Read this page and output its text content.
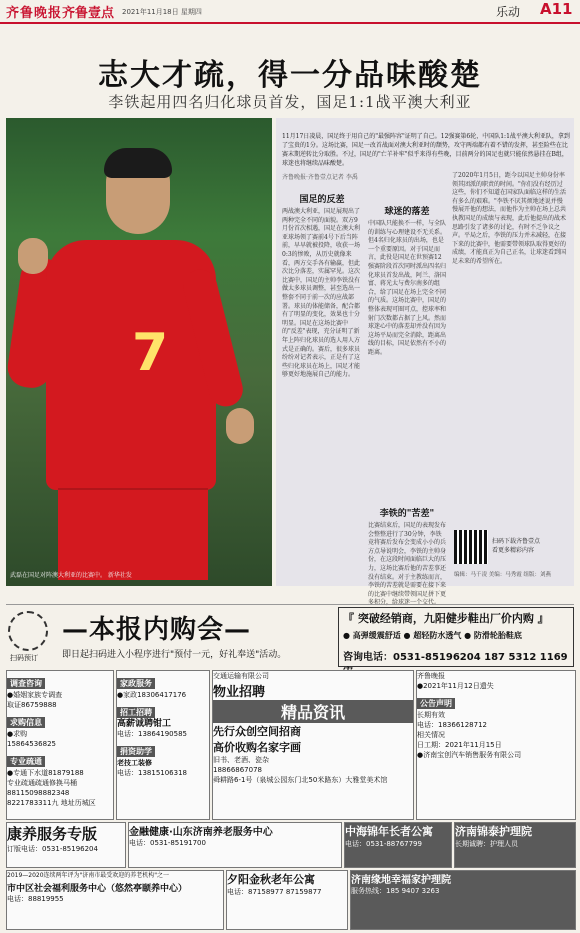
齐鲁晚报 齐鲁壹点 2021年11月18日 星期四	乐动 A11
志大才疏，得一分品味酸楚
李铁起用四名归化球员首发，国足1:1战平澳大利亚
7
武磊在国足对阵澳大利亚的比赛中。 新华社发
11月17日凌晨，国足终于用自己的"最强阵容"证明了自己。12强赛第6轮，中国队1:1战平澳大利亚队，拿到了宝贵的1分。这场比赛，国足一改首战面对澳大利亚时的颓势，攻守两端都有着不错的发挥，甚至险些在比赛末期逆转比分取胜。不过，国足的"亡羊补牢"似乎来得有些晚，目前两分的国足也就只能依然悬挂在B组，球迷也将继续品味酸楚。
齐鲁晚报·齐鲁壹点记者 李禹
国足的反差
两战澳大利亚，国足展现出了两种完全不同的面貌。双方9月份首次相遇，国足在澳大利亚球场领了赛前4号下后当阵前，早早就被投降，收获一场0:3的惨败，从历史就像来看，两方交手各有输赢，但此次比分落差，实属罕见。这次比赛中，国足的主帅李铁没有做太多球员调整，甚至选出一整套不同于前一次的应战部署。球员的体能储备，配合都有了明显的变化，效果也十分明显。国足在这场比赛中的"反差"表现，充分证明了新年上阵归化球员的选人用人方式是正确的。赛后，很多球员纷纷对记者表示，正是有了这些归化球员在场上，国足才能够更好地施展自己的能力。
球迷的落差
中国队只能换不一样，与全队的训练与心理建设不无关系。但4名归化球员的出场，也是一个重要原因。对于国足而言，此役是国足在世预赛12强赛阶段首次同时派出四名归化球员首发出战，阿兰、洛国富、蒋光太与费尔南多的组合，给了国足在场上完全不同的气质。这场比赛中，国足的整体表现可圈可点，控球率和射门次数都占据了上风。然而球迷心中的落差却并没有因为这场平局而完全消除，距离出线的目标，国足依然有不小的距离。
李铁的"苦差"
比赛结束后，国足的表现发布会整整进行了30分钟，李铁竟将赛后发布会变成小小的兵方点导说明会，李铁的主帅身份，在这段时间面临巨大的压力，这场比赛后他的苦差事还没有结束。对于主教练而言，李铁的苦差就是需要在接下来的比赛中继续带领国足拼下更多积分，给球迷一个交代。
了2020年1月5日，距今以国足主帅身份率领其团派的职责的时间。"你们没有经历过这些，你们不知道在国家队面临这样的生活有多么的艰难。"李铁不厌其烦地述说并慢慢展开他的想法，而他作为主帅在场上总共执教国足的成绩与表现，此后他提出的战术思路引发了诸多的讨论，有时不乏争议之声。平局之后，李铁的压力并未减轻，在接下来的比赛中，他需要带领球队取得更好的成绩，才能真正为自己正名，让球迷看到国足未来的希望所在。
扫码下载齐鲁壹点
看更多精彩内容
编辑：马千凌 美编：马秀霞 组版：刘燕
扫码预订
—本报内购会—
即日起扫码进入小程序进行"预付一元，好礼奉送"活动。
『 突破经销商，九阳健步鞋出厂价内购 』
● 高弹缓震舒适 ● 超轻防水透气 ● 防滑轮胎鞋底
咨询电话：0531-85196204 187 5312 1169
调查咨询
●婚姻家族专调查
取证86759888
求购信息
●求购
15864536825
专业疏通
●专通下水道81879188
专业疏通疏通修换马桶
88115098882348
8221783311九 地址历城区
家政服务
●家政18306417176
招工招聘
高薪诚聘钳工
电话：13864190585
捐资助学
老技工装修
电话：13815106318
交通运输有限公司
物业招聘
精品资讯
先行众创空间招商
高价收购名家字画
旧书、老酒、瓷杂
18866867078
舜耕路6-1号（泉城公园东门北50米路东）大雅堂美术馆
齐鲁晚报
●2021年11月12日遗失
公告声明
长期有效
电话：18366128712
相关情况
日工期：2021年11月15日
●济南宝创汽车销售服务有限公司
康养服务专版
订版电话：0531-85196204
金融健康·山东济南养老服务中心
电话：0531-85191700
中海锦年长者公寓
电话：0531-88767799
济南锦泰护理院
长期诚聘：护理人员
2019—2020连续两年评为"济南市最受欢迎的养老机构"之一
市中区社会福利服务中心（悠然亭颐养中心）
电话：88819955
夕阳金秋老年公寓
电话：87158977 87159877
济南缘地幸福家护理院
服务热线：185 9407 3263
